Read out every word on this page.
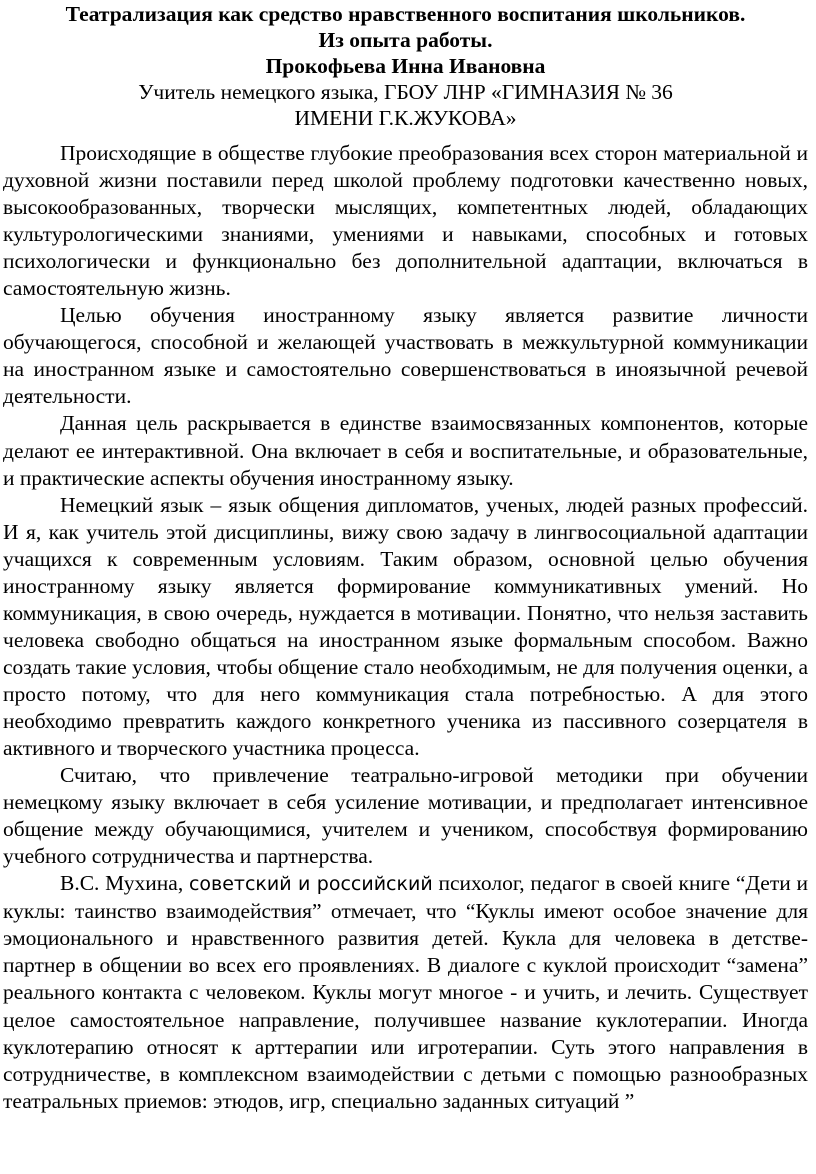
Театрализация как средство нравственного воспитания школьников.

Из опыта работы.

Прокофьева Инна Ивановна

Учитель немецкого языка, ГБОУ ЛНР «ГИМНАЗИЯ № 36

ИМЕНИ Г.К.ЖУКОВА»

Происходящие в обществе глубокие преобразования всех сторон материальной и духовной жизни поставили перед школой проблему подготовки качественно новых, высокообразованных, творчески мыслящих, компетентных людей, обладающих культурологическими знаниями, умениями и навыками, способных и готовых психологически и функционально без дополнительной адаптации, включаться в самостоятельную жизнь.

Целью обучения иностранному языку является развитие личности обучающегося, способной и желающей участвовать в межкультурной коммуникации на иностранном языке и самостоятельно совершенствоваться в иноязычной речевой деятельности.

Данная цель раскрывается в единстве взаимосвязанных компонентов, которые делают ее интерактивной. Она включает в себя и воспитательные, и образовательные, и практические аспекты обучения иностранному языку.

Немецкий язык – язык общения дипломатов, ученых, людей разных профессий. И я, как учитель этой дисциплины, вижу свою задачу в лингвосоциальной адаптации учащихся к современным условиям. Таким образом, основной целью обучения иностранному языку является формирование коммуникативных умений. Но коммуникация, в свою очередь, нуждается в мотивации. Понятно, что нельзя заставить человека свободно общаться на иностранном языке формальным способом. Важно создать такие условия, чтобы общение стало необходимым, не для получения оценки, а просто потому, что для него коммуникация стала потребностью. А для этого необходимо превратить каждого конкретного ученика из пассивного созерцателя в активного и творческого участника процесса.

Считаю, что привлечение театрально-игровой методики при обучении немецкому языку включает в себя усиление мотивации, и предполагает интенсивное общение между обучающимися, учителем и учеником, способствуя формированию учебного сотрудничества и партнерства.

В.С. Мухина, советский и российский психолог, педагог в своей книге “Дети и куклы: таинство взаимодействия” отмечает, что “Куклы имеют особое значение для эмоционального и нравственного развития детей. Кукла для человека в детстве- партнер в общении во всех его проявлениях. В диалоге с куклой происходит “замена” реального контакта с человеком. Куклы могут многое - и учить, и лечить. Существует целое самостоятельное направление, получившее название куклотерапии. Иногда куклотерапию относят к арттерапии или игротерапии. Суть этого направления в сотрудничестве, в комплексном взаимодействии с детьми с помощью разнообразных театральных приемов: этюдов, игр, специально заданных ситуаций ”
